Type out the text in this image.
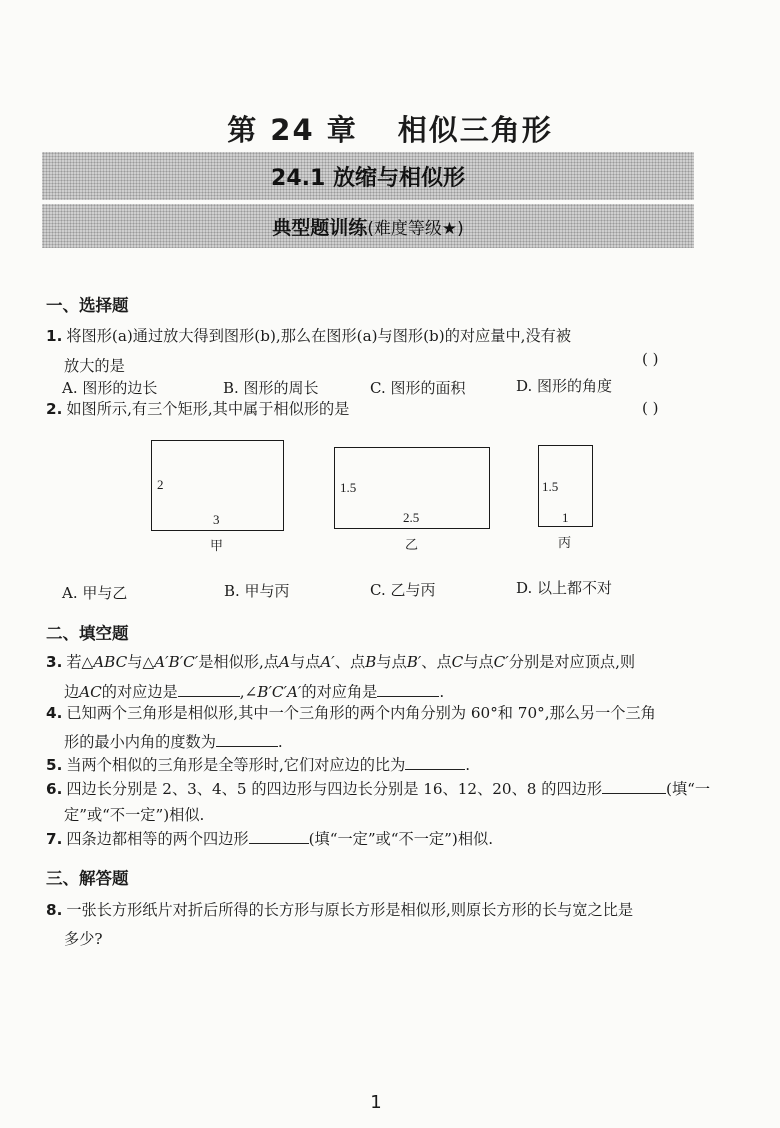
第 24 章 相似三角形
24.1 放缩与相似形
典型题训练(难度等级★)
一、选择题
1. 将图形(a)通过放大得到图形(b),那么在图形(a)与图形(b)的对应量中,没有被
放大的是	( )
A. 图形的边长	B. 图形的周长	C. 图形的面积	D. 图形的角度
2. 如图所示,有三个矩形,其中属于相似形的是	( )
2
3
甲
1.5
2.5
乙
1.5
1
丙
A. 甲与乙	B. 甲与丙	C. 乙与丙	D. 以上都不对
二、填空题
3. 若△ABC与△A′B′C′是相似形,点A与点A′、点B与点B′、点C与点C′分别是对应顶点,则
边AC的对应边是	,∠B′C′A′的对应角是	.
4. 已知两个三角形是相似形,其中一个三角形的两个内角分别为 60°和 70°,那么另一个三角
形的最小内角的度数为	.
5. 当两个相似的三角形是全等形时,它们对应边的比为	.
6. 四边长分别是 2、3、4、5 的四边形与四边长分别是 16、12、20、8 的四边形	(填“一
定”或“不一定”)相似.
7. 四条边都相等的两个四边形	(填“一定”或“不一定”)相似.
三、解答题
8. 一张长方形纸片对折后所得的长方形与原长方形是相似形,则原长方形的长与宽之比是
多少?
1
